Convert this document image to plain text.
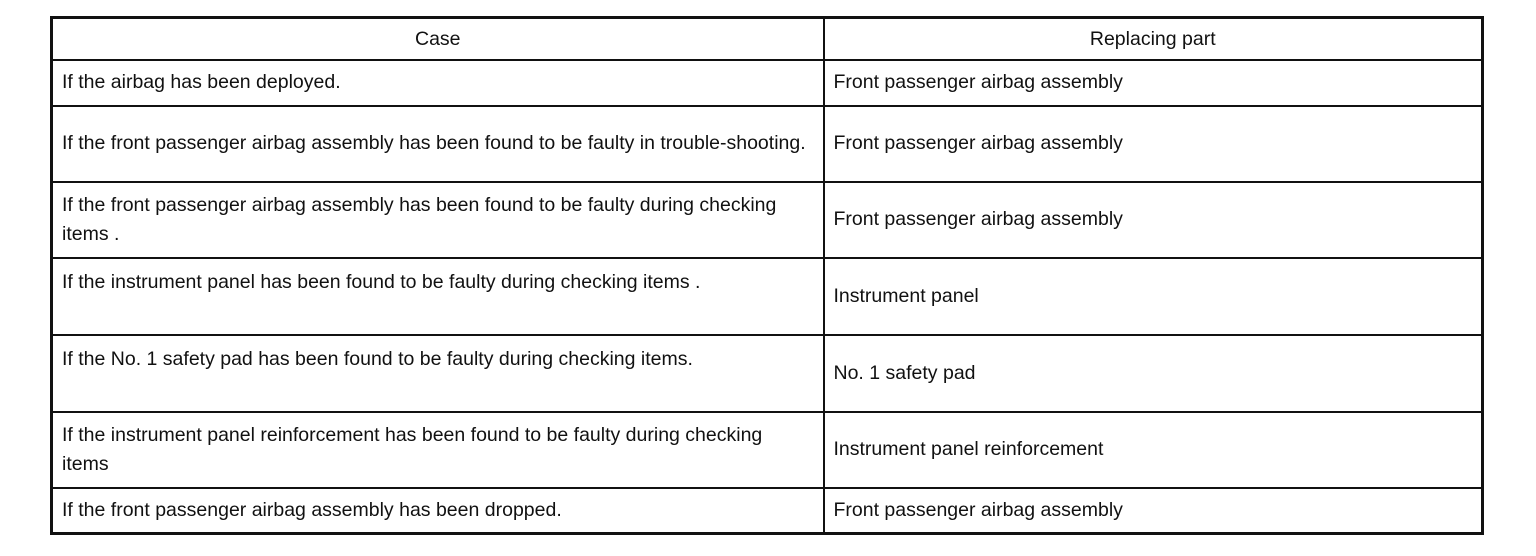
Case	Replacing part
If the airbag has been deployed.	Front passenger airbag assembly
If the front passenger airbag assembly has been found to be faulty in trouble-shooting.	Front passenger airbag assembly
If the front passenger airbag assembly has been found to be faulty during checking items .	Front passenger airbag assembly
If the instrument panel has been found to be faulty during checking items .	Instrument panel
If the No. 1 safety pad has been found to be faulty during checking items.	No. 1 safety pad
If the instrument panel reinforcement has been found to be faulty during checking items	Instrument panel reinforcement
If the front passenger airbag assembly has been dropped.	Front passenger airbag assembly
